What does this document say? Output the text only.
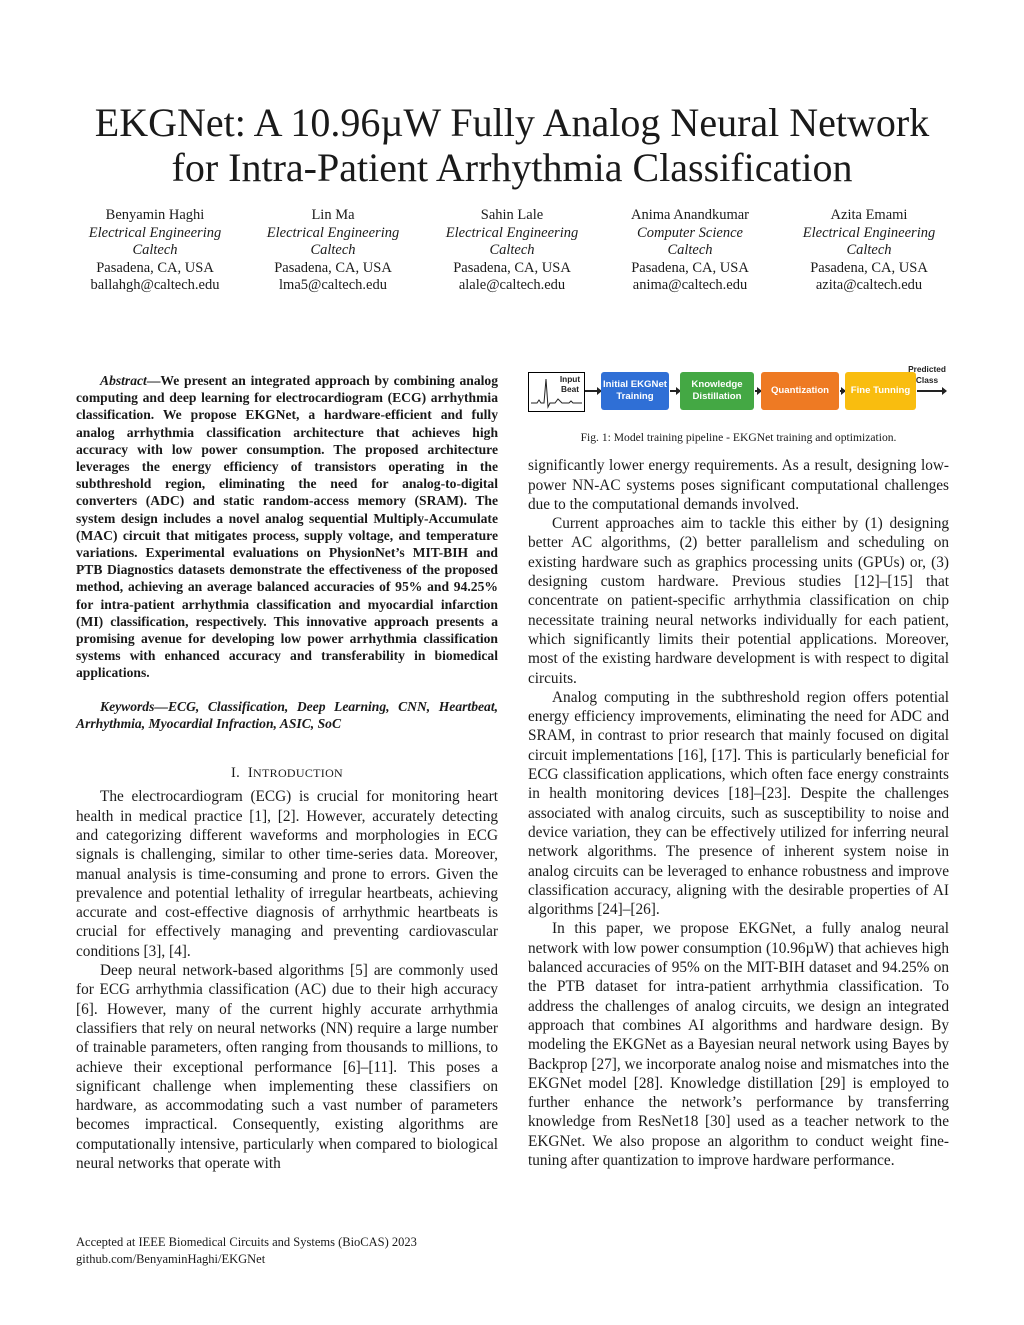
EKGNet: A 10.96µW Fully Analog Neural Network
for Intra-Patient Arrhythmia Classification
Benyamin Haghi
Electrical Engineering
Caltech
Pasadena, CA, USA
ballahgh@caltech.edu
Lin Ma
Electrical Engineering
Caltech
Pasadena, CA, USA
lma5@caltech.edu
Sahin Lale
Electrical Engineering
Caltech
Pasadena, CA, USA
alale@caltech.edu
Anima Anandkumar
Computer Science
Caltech
Pasadena, CA, USA
anima@caltech.edu
Azita Emami
Electrical Engineering
Caltech
Pasadena, CA, USA
azita@caltech.edu

Abstract—We present an integrated approach by combining analog computing and deep learning for electrocardiogram (ECG) arrhythmia classification. We propose EKGNet, a hardware-efficient and fully analog arrhythmia classification architecture that achieves high accuracy with low power consumption. The proposed architecture leverages the energy efficiency of transistors operating in the subthreshold region, eliminating the need for analog-to-digital converters (ADC) and static random-access memory (SRAM). The system design includes a novel analog sequential Multiply-Accumulate (MAC) circuit that mitigates process, supply voltage, and temperature variations. Experimental evaluations on PhysionNet’s MIT-BIH and PTB Diagnostics datasets demonstrate the effectiveness of the proposed method, achieving an average balanced accuracies of 95% and 94.25% for intra-patient arrhythmia classification and myocardial infarction (MI) classification, respectively. This innovative approach presents a promising avenue for developing low power arrhythmia classification systems with enhanced accuracy and transferability in biomedical applications.

Keywords—ECG, Classification, Deep Learning, CNN, Heartbeat, Arrhythmia, Myocardial Infraction, ASIC, SoC

I. INTRODUCTION

The electrocardiogram (ECG) is crucial for monitoring heart health in medical practice [1], [2]. However, accurately detecting and categorizing different waveforms and morphologies in ECG signals is challenging, similar to other time-series data. Moreover, manual analysis is time-consuming and prone to errors. Given the prevalence and potential lethality of irregular heartbeats, achieving accurate and cost-effective diagnosis of arrhythmic heartbeats is crucial for effectively managing and preventing cardiovascular conditions [3], [4].

Deep neural network-based algorithms [5] are commonly used for ECG arrhythmia classification (AC) due to their high accuracy [6]. However, many of the current highly accurate arrhythmia classifiers that rely on neural networks (NN) require a large number of trainable parameters, often ranging from thousands to millions, to achieve their exceptional performance [6]–[11]. This poses a significant challenge when implementing these classifiers on hardware, as accommodating such a vast number of parameters becomes impractical. Consequently, existing algorithms are computationally intensive, particularly when compared to biological neural networks that operate with

Input Beat	Initial EKGNet Training
Knowledge Distillation
Quantization	Fine Tunning
Predicted Class

Fig. 1: Model training pipeline - EKGNet training and optimization.

significantly lower energy requirements. As a result, designing low-power NN-AC systems poses significant computational challenges due to the computational demands involved.

Current approaches aim to tackle this either by (1) designing better AC algorithms, (2) better parallelism and scheduling on existing hardware such as graphics processing units (GPUs) or, (3) designing custom hardware. Previous studies [12]–[15] that concentrate on patient-specific arrhythmia classification on chip necessitate training neural networks individually for each patient, which significantly limits their potential applications. Moreover, most of the existing hardware development is with respect to digital circuits.

Analog computing in the subthreshold region offers potential energy efficiency improvements, eliminating the need for ADC and SRAM, in contrast to prior research that mainly focused on digital circuit implementations [16], [17]. This is particularly beneficial for ECG classification applications, which often face energy constraints in health monitoring devices [18]–[23]. Despite the challenges associated with analog circuits, such as susceptibility to noise and device variation, they can be effectively utilized for inferring neural network algorithms. The presence of inherent system noise in analog circuits can be leveraged to enhance robustness and improve classification accuracy, aligning with the desirable properties of AI algorithms [24]–[26].

In this paper, we propose EKGNet, a fully analog neural network with low power consumption (10.96µW) that achieves high balanced accuracies of 95% on the MIT-BIH dataset and 94.25% on the PTB dataset for intra-patient arrhythmia classification. To address the challenges of analog circuits, we design an integrated approach that combines AI algorithms and hardware design. By modeling the EKGNet as a Bayesian neural network using Bayes by Backprop [27], we incorporate analog noise and mismatches into the EKGNet model [28]. Knowledge distillation [29] is employed to further enhance the network’s performance by transferring knowledge from ResNet18 [30] used as a teacher network to the EKGNet. We also propose an algorithm to conduct weight fine-tuning after quantization to improve hardware performance.

Accepted at IEEE Biomedical Circuits and Systems (BioCAS) 2023
github.com/BenyaminHaghi/EKGNet
